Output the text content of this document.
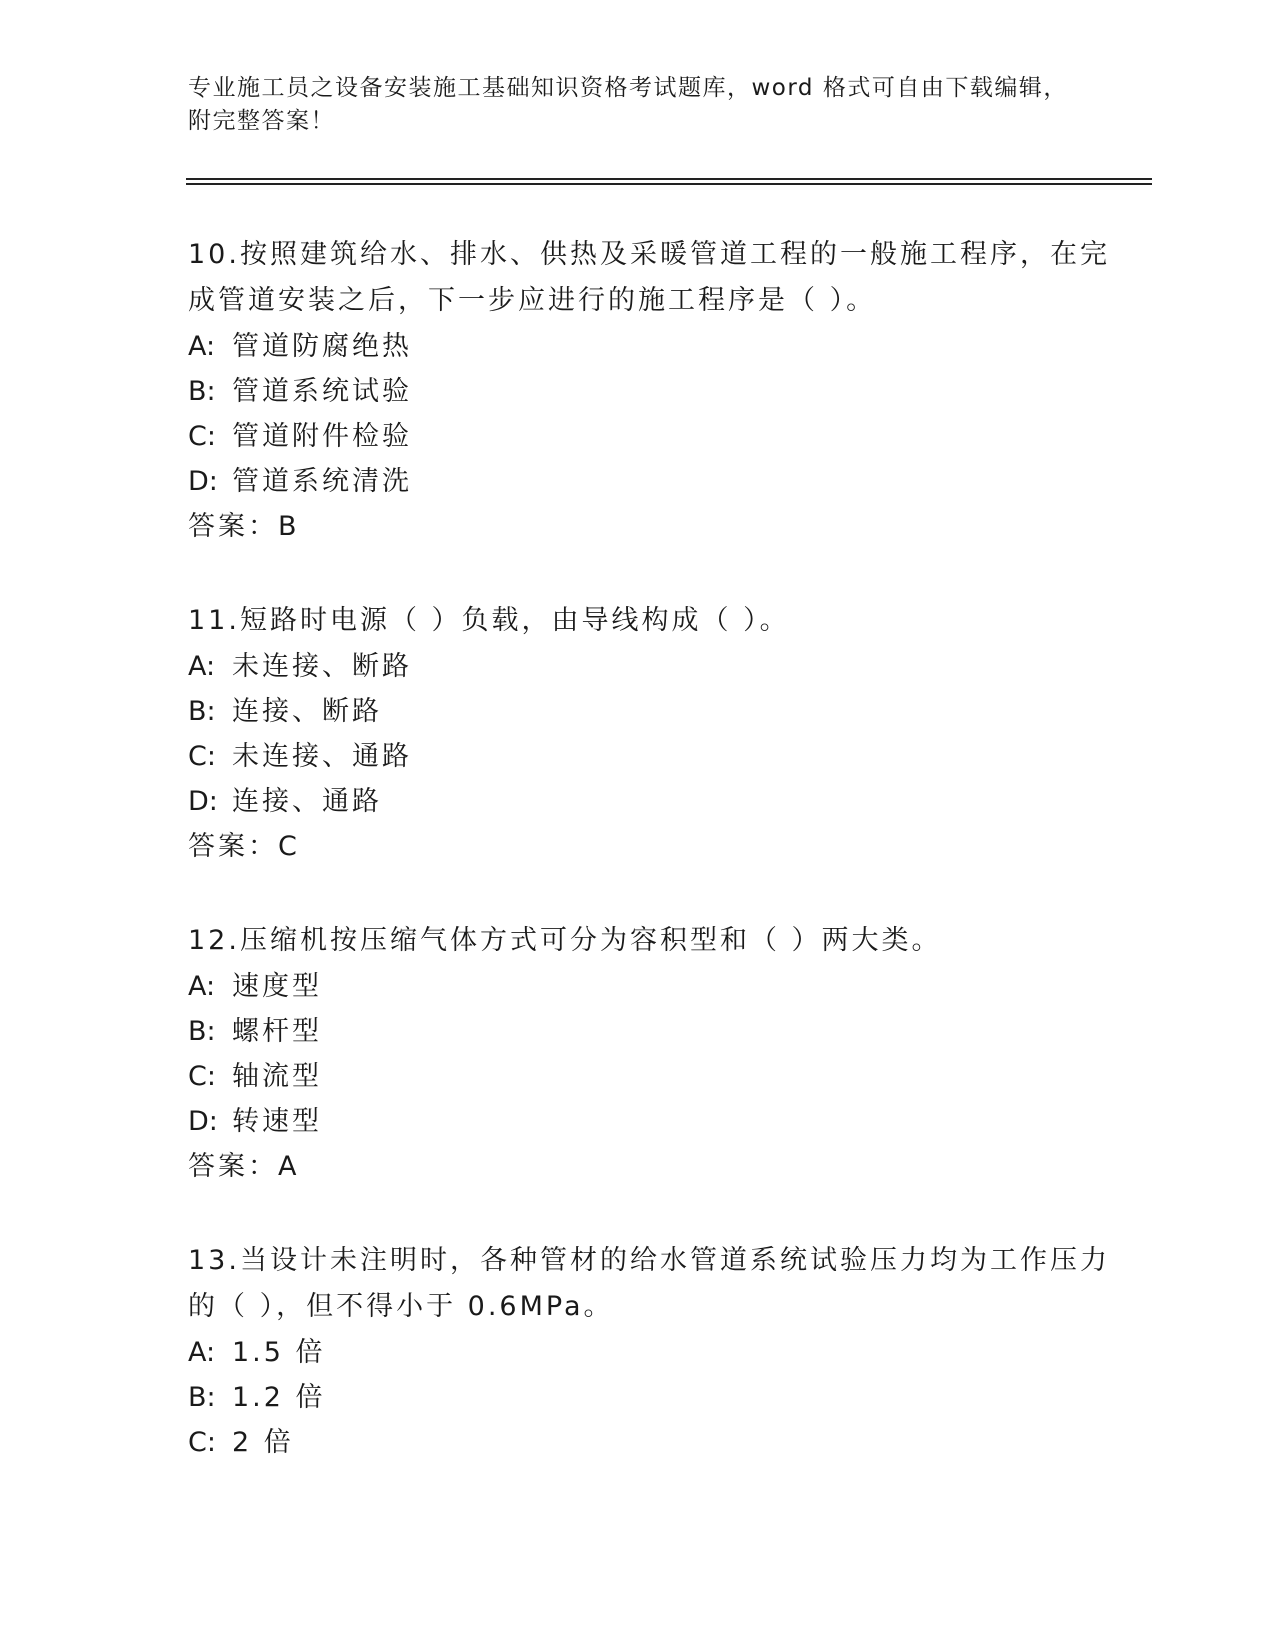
专业施工员之设备安装施工基础知识资格考试题库，word 格式可自由下载编辑，
附完整答案！
10.按照建筑给水、排水、供热及采暖管道工程的一般施工程序，在完
成管道安装之后，下一步应进行的施工程序是（ ）。
A: 管道防腐绝热
B: 管道系统试验
C: 管道附件检验
D: 管道系统清洗
答案：B
11.短路时电源（ ）负载，由导线构成（ ）。
A: 未连接、断路
B: 连接、断路
C: 未连接、通路
D: 连接、通路
答案：C
12.压缩机按压缩气体方式可分为容积型和（ ）两大类。
A: 速度型
B: 螺杆型
C: 轴流型
D: 转速型
答案：A
13.当设计未注明时，各种管材的给水管道系统试验压力均为工作压力
的（ ），但不得小于 0.6MPa。
A: 1.5 倍
B: 1.2 倍
C: 2 倍
